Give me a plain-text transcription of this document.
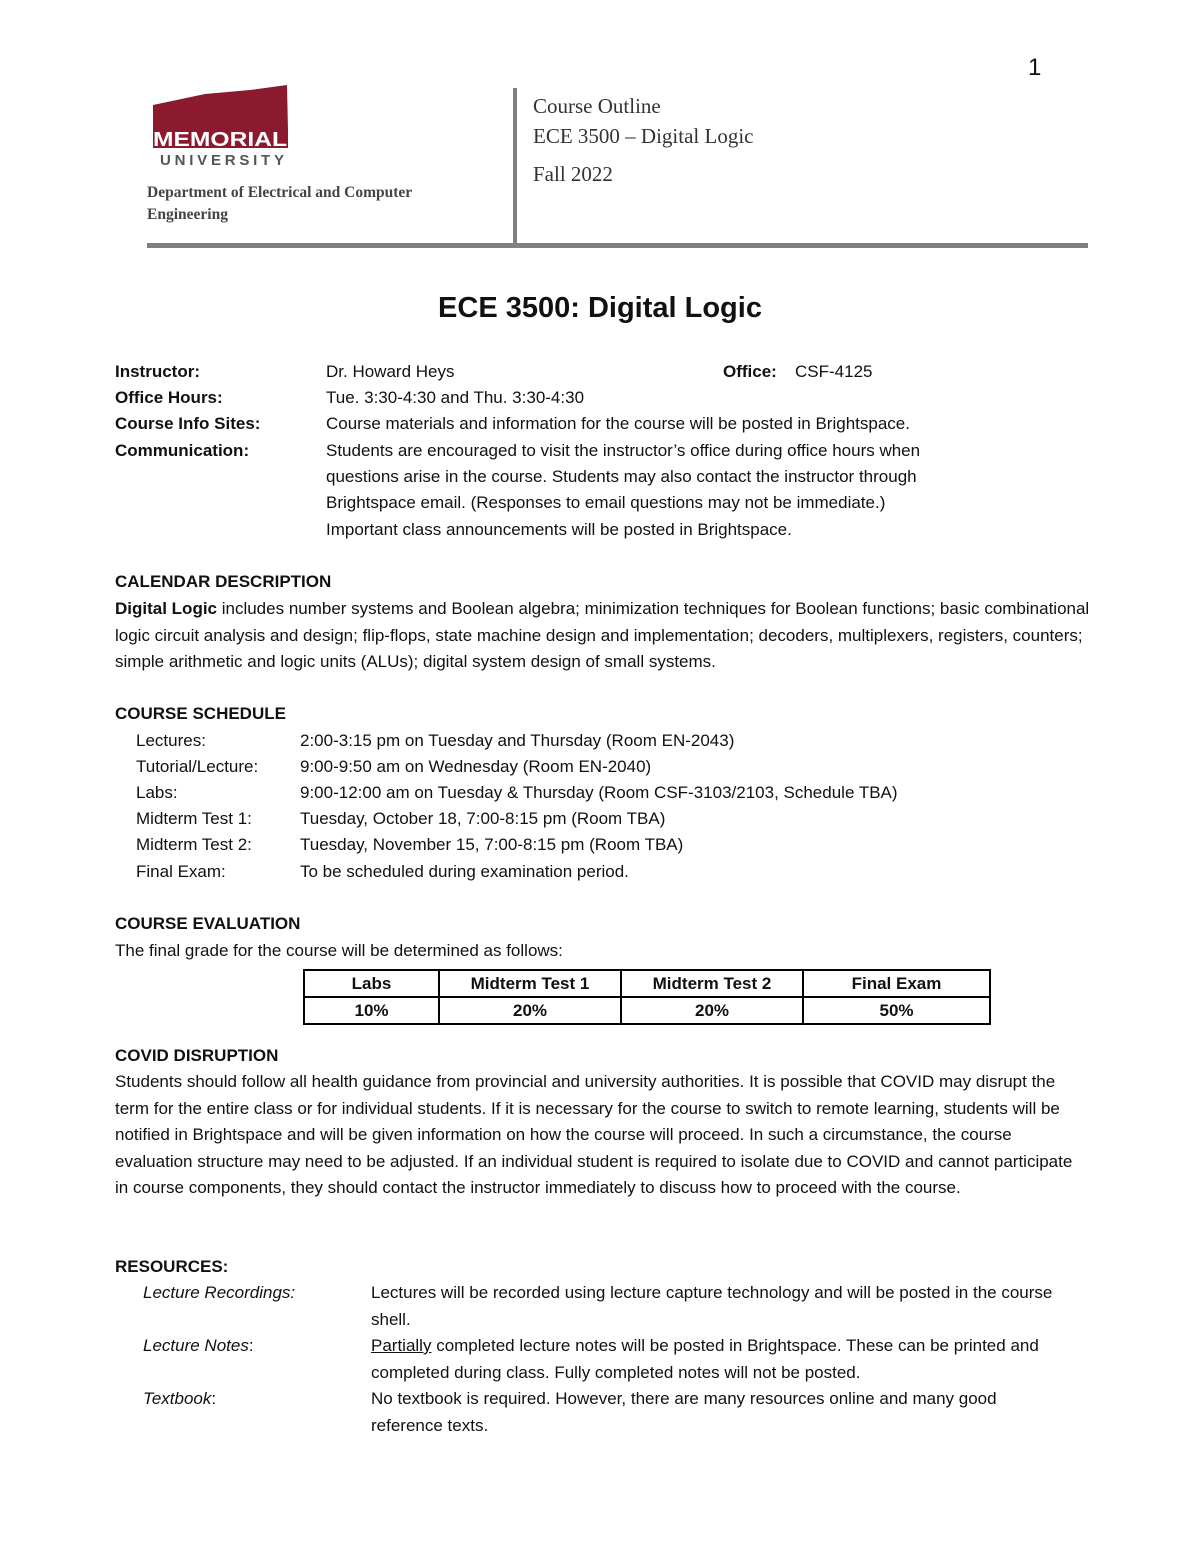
1
MEMORIAL
UNIVERSITY
Department of Electrical and Computer
Engineering
Course Outline
ECE 3500 – Digital Logic
Fall 2022
ECE 3500: Digital Logic
Instructor:	Dr. Howard Heys	Office: CSF-4125
Office Hours:	Tue. 3:30-4:30 and Thu. 3:30-4:30
Course Info Sites:	Course materials and information for the course will be posted in Brightspace.
Communication:	Students are encouraged to visit the instructor’s office during office hours when
questions arise in the course. Students may also contact the instructor through
Brightspace email. (Responses to email questions may not be immediate.)
Important class announcements will be posted in Brightspace.
CALENDAR DESCRIPTION
Digital Logic includes number systems and Boolean algebra; minimization techniques for Boolean functions; basic combinational logic circuit analysis and design; flip-flops, state machine design and implementation; decoders, multiplexers, registers, counters; simple arithmetic and logic units (ALUs); digital system design of small systems.
COURSE SCHEDULE
Lectures:	2:00-3:15 pm on Tuesday and Thursday (Room EN-2043)
Tutorial/Lecture: 9:00-9:50 am on Wednesday (Room EN-2040)
Labs:	9:00-12:00 am on Tuesday & Thursday (Room CSF-3103/2103, Schedule TBA)
Midterm Test 1:	Tuesday, October 18, 7:00-8:15 pm (Room TBA)
Midterm Test 2:	Tuesday, November 15, 7:00-8:15 pm (Room TBA)
Final Exam:	To be scheduled during examination period.
COURSE EVALUATION
The final grade for the course will be determined as follows:
Labs	Midterm Test 1	Midterm Test 2	Final Exam
10%	20%	20%	50%
COVID DISRUPTION
Students should follow all health guidance from provincial and university authorities. It is possible that COVID may disrupt the term for the entire class or for individual students. If it is necessary for the course to switch to remote learning, students will be notified in Brightspace and will be given information on how the course will proceed. In such a circumstance, the course evaluation structure may need to be adjusted. If an individual student is required to isolate due to COVID and cannot participate in course components, they should contact the instructor immediately to discuss how to proceed with the course.
RESOURCES:
Lecture Recordings:	Lectures will be recorded using lecture capture technology and will be posted in the course shell.
Lecture Notes:	Partially completed lecture notes will be posted in Brightspace. These can be printed and completed during class. Fully completed notes will not be posted.
Textbook:	No textbook is required. However, there are many resources online and many good reference texts.
